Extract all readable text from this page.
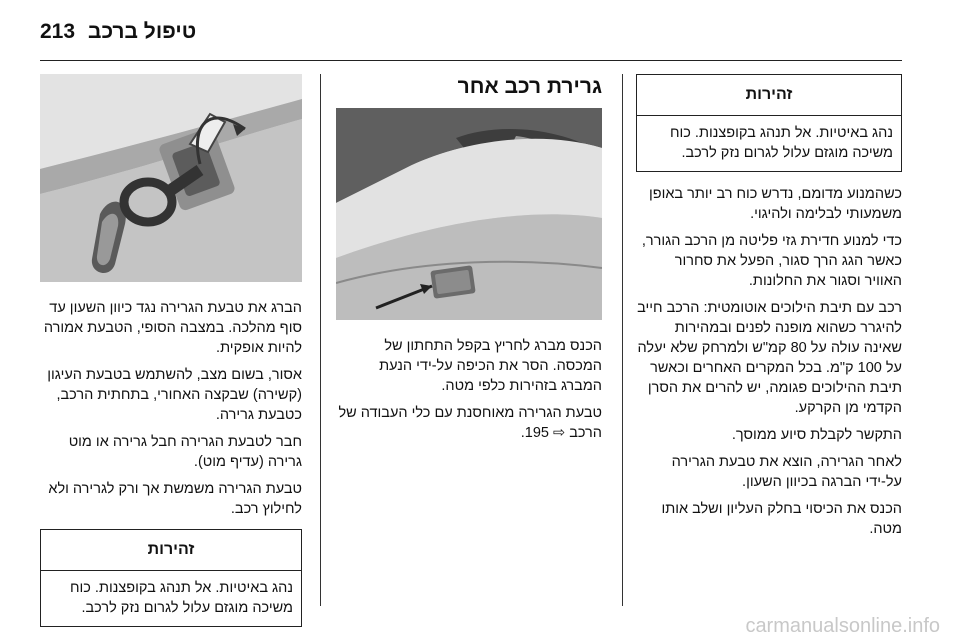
213 טיפול ברכב
זהירות
נהג באיטיות. אל תנהג בקופצנות. כוח משיכה מוגזם עלול לגרום נזק לרכב.

כשהמנוע מדומם, נדרש כוח רב יותר באופן משמעותי לבלימה ולהיגוי.

כדי למנוע חדירת גזי פליטה מן הרכב הגורר, כאשר הגג הרך סגור, הפעל את סחרור האוויר וסגור את החלונות.

רכב עם תיבת הילוכים אוטומטית: הרכב חייב להיגרר כשהוא מופנה לפנים ובמהירות שאינה עולה על 80 קמ"ש ולמרחק שלא יעלה על 100 ק"מ. בכל המקרים האחרים וכאשר תיבת ההילוכים פגומה, יש להרים את הסרן הקדמי מן הקרקע.

התקשר לקבלת סיוע ממוסך.

לאחר הגרירה, הוצא את טבעת הגרירה על-ידי הברגה בכיוון השעון.

הכנס את הכיסוי בחלק העליון ושלב אותו מטה.

גרירת רכב אחר

הכנס מברג לחריץ בקפל התחתון של המכסה. הסר את הכיפה על-ידי הנעת המברג בזהירות כלפי מטה.

טבעת הגרירה מאוחסנת עם כלי העבודה של הרכב ⇨ 195.

הברג את טבעת הגרירה נגד כיוון השעון עד סוף מהלכה. במצבה הסופי, הטבעת אמורה להיות אופקית.

אסור, בשום מצב, להשתמש בטבעת העיגון (קשירה) שבקצה האחורי, בתחתית הרכב, כטבעת גרירה.

חבר לטבעת הגרירה חבל גרירה או מוט גרירה (עדיף מוט).

טבעת הגרירה משמשת אך ורק לגרירה ולא לחילוץ רכב.

זהירות
נהג באיטיות. אל תנהג בקופצנות. כוח משיכה מוגזם עלול לגרום נזק לרכב.
carmanualsonline.info
